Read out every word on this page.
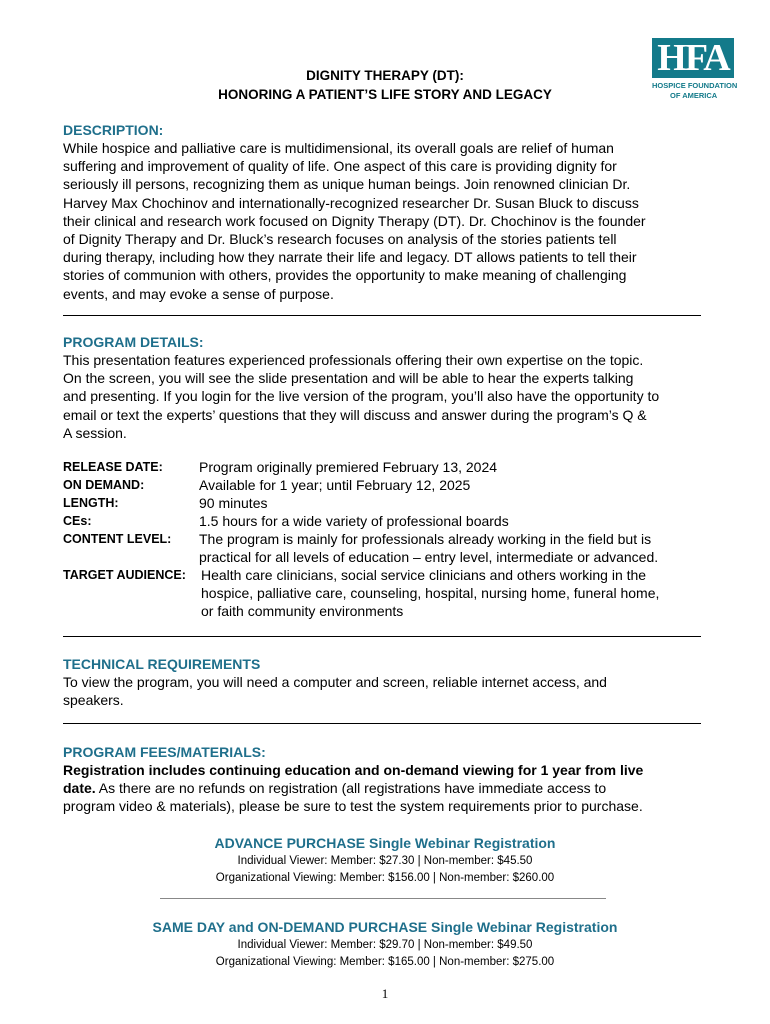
HFA
HOSPICE FOUNDATION
OF AMERICA
DIGNITY THERAPY (DT):
HONORING A PATIENT’S LIFE STORY AND LEGACY
DESCRIPTION:
While hospice and palliative care is multidimensional, its overall goals are relief of human
suffering and improvement of quality of life. One aspect of this care is providing dignity for
seriously ill persons, recognizing them as unique human beings. Join renowned clinician Dr.
Harvey Max Chochinov and internationally-recognized researcher Dr. Susan Bluck to discuss
their clinical and research work focused on Dignity Therapy (DT). Dr. Chochinov is the founder
of Dignity Therapy and Dr. Bluck’s research focuses on analysis of the stories patients tell
during therapy, including how they narrate their life and legacy. DT allows patients to tell their
stories of communion with others, provides the opportunity to make meaning of challenging
events, and may evoke a sense of purpose.
PROGRAM DETAILS:
This presentation features experienced professionals offering their own expertise on the topic.
On the screen, you will see the slide presentation and will be able to hear the experts talking
and presenting. If you login for the live version of the program, you’ll also have the opportunity to
email or text the experts’ questions that they will discuss and answer during the program’s Q &
A session.
RELEASE DATE:	Program originally premiered February 13, 2024
ON DEMAND:	Available for 1 year; until February 12, 2025
LENGTH:	90 minutes
CEs:	1.5 hours for a wide variety of professional boards
CONTENT LEVEL:	The program is mainly for professionals already working in the field but is
practical for all levels of education – entry level, intermediate or advanced.
TARGET AUDIENCE:	Health care clinicians, social service clinicians and others working in the
hospice, palliative care, counseling, hospital, nursing home, funeral home,
or faith community environments
TECHNICAL REQUIREMENTS
To view the program, you will need a computer and screen, reliable internet access, and
speakers.
PROGRAM FEES/MATERIALS:
Registration includes continuing education and on-demand viewing for 1 year from live
date. As there are no refunds on registration (all registrations have immediate access to
program video & materials), please be sure to test the system requirements prior to purchase.
ADVANCE PURCHASE Single Webinar Registration
Individual Viewer: Member: $27.30 | Non-member: $45.50
Organizational Viewing: Member: $156.00 | Non-member: $260.00
SAME DAY and ON-DEMAND PURCHASE Single Webinar Registration
Individual Viewer: Member: $29.70 | Non-member: $49.50
Organizational Viewing: Member: $165.00 | Non-member: $275.00
1
